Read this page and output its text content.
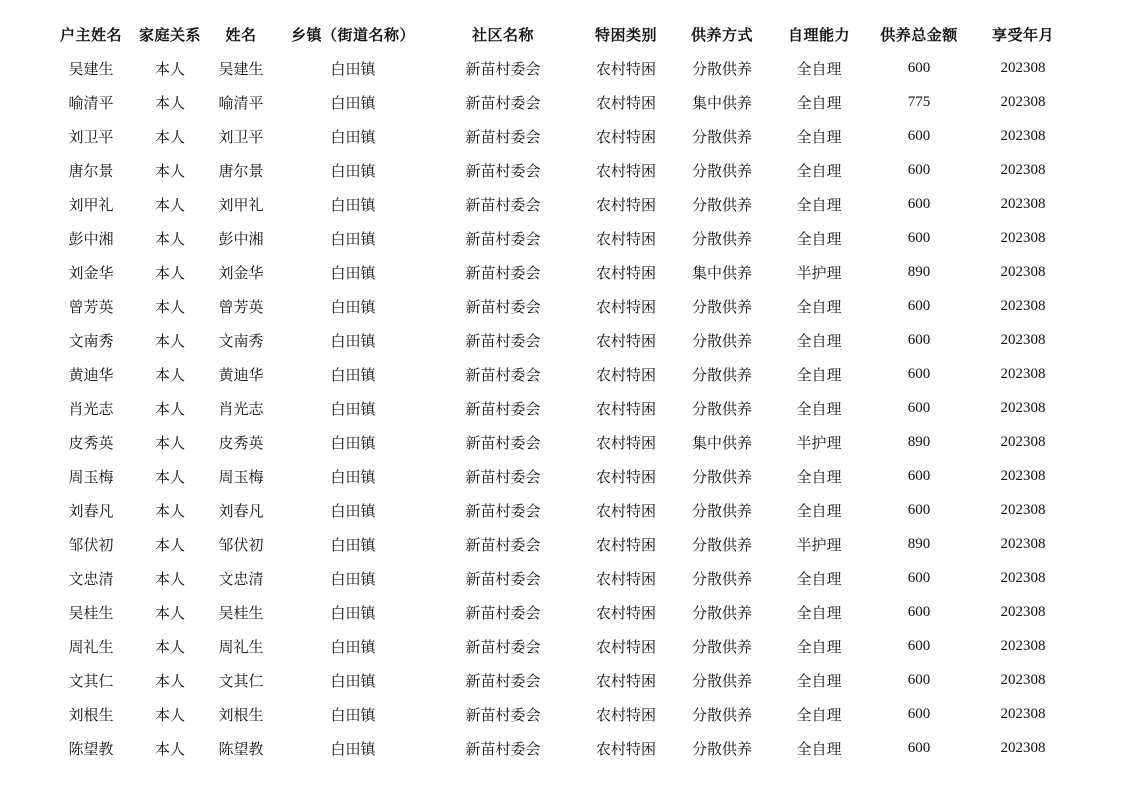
户主姓名	家庭关系	姓名	乡镇（街道名称）	社区名称	特困类别	供养方式	自理能力	供养总金额	享受年月
吴建生	本人	吴建生	白田镇	新苗村委会	农村特困	分散供养	全自理	600	202308
喻清平	本人	喻清平	白田镇	新苗村委会	农村特困	集中供养	全自理	775	202308
刘卫平	本人	刘卫平	白田镇	新苗村委会	农村特困	分散供养	全自理	600	202308
唐尔景	本人	唐尔景	白田镇	新苗村委会	农村特困	分散供养	全自理	600	202308
刘甲礼	本人	刘甲礼	白田镇	新苗村委会	农村特困	分散供养	全自理	600	202308
彭中湘	本人	彭中湘	白田镇	新苗村委会	农村特困	分散供养	全自理	600	202308
刘金华	本人	刘金华	白田镇	新苗村委会	农村特困	集中供养	半护理	890	202308
曾芳英	本人	曾芳英	白田镇	新苗村委会	农村特困	分散供养	全自理	600	202308
文南秀	本人	文南秀	白田镇	新苗村委会	农村特困	分散供养	全自理	600	202308
黄迪华	本人	黄迪华	白田镇	新苗村委会	农村特困	分散供养	全自理	600	202308
肖光志	本人	肖光志	白田镇	新苗村委会	农村特困	分散供养	全自理	600	202308
皮秀英	本人	皮秀英	白田镇	新苗村委会	农村特困	集中供养	半护理	890	202308
周玉梅	本人	周玉梅	白田镇	新苗村委会	农村特困	分散供养	全自理	600	202308
刘春凡	本人	刘春凡	白田镇	新苗村委会	农村特困	分散供养	全自理	600	202308
邹伏初	本人	邹伏初	白田镇	新苗村委会	农村特困	分散供养	半护理	890	202308
文忠清	本人	文忠清	白田镇	新苗村委会	农村特困	分散供养	全自理	600	202308
吴桂生	本人	吴桂生	白田镇	新苗村委会	农村特困	分散供养	全自理	600	202308
周礼生	本人	周礼生	白田镇	新苗村委会	农村特困	分散供养	全自理	600	202308
文其仁	本人	文其仁	白田镇	新苗村委会	农村特困	分散供养	全自理	600	202308
刘根生	本人	刘根生	白田镇	新苗村委会	农村特困	分散供养	全自理	600	202308
陈望教	本人	陈望教	白田镇	新苗村委会	农村特困	分散供养	全自理	600	202308
